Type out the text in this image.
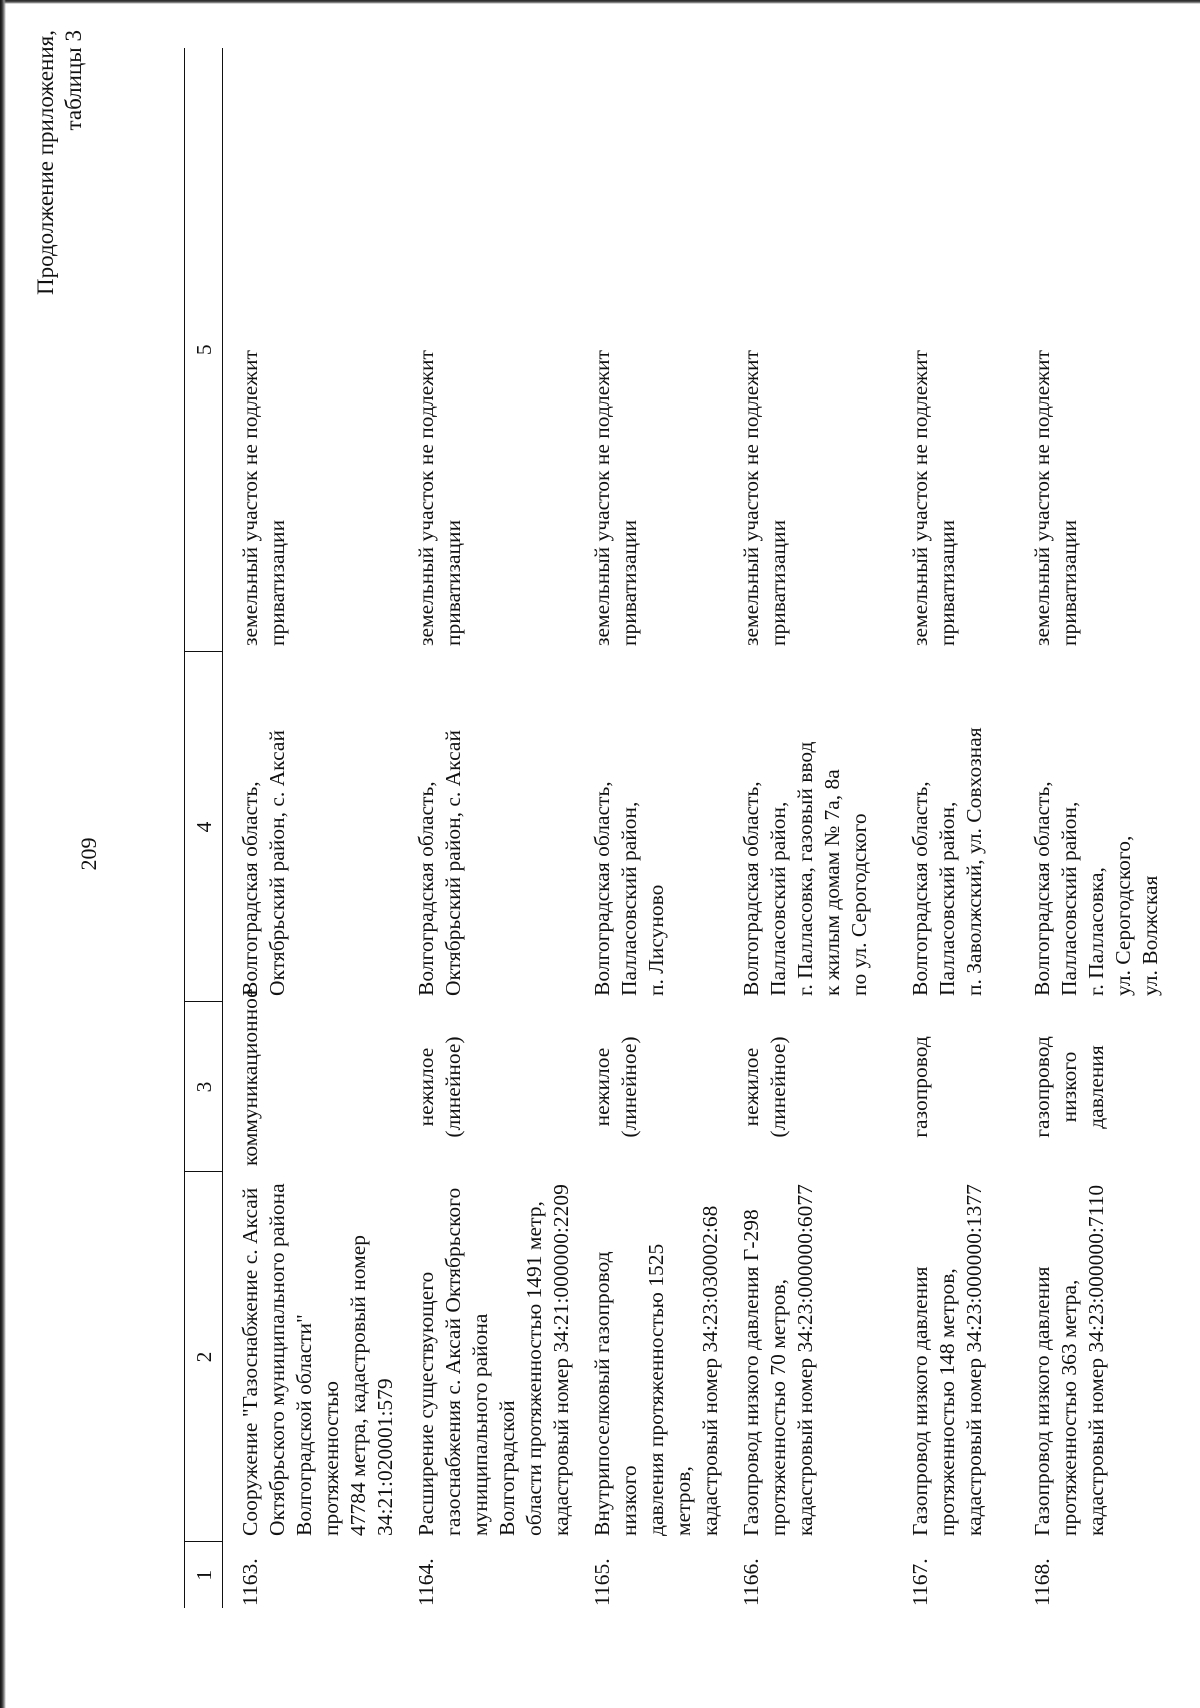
209
Продолжение приложения, таблицы 3
1	2	3	4	5
1163.	Сооружение "Газоснабжение с. Аксай
Октябрьского муниципального района
Волгоградской области" протяженностью
47784 метра, кадастровый номер
34:21:020001:579	коммуникационное	Волгоградская область,
Октябрьский район, с. Аксай	земельный участок не подлежит
приватизации
1164.	Расширение существующего
газоснабжения с. Аксай Октябрьского
муниципального района Волгоградской
области протяженностью 1491 метр,
кадастровый номер 34:21:000000:2209	нежилое (линейное)	Волгоградская область,
Октябрьский район, с. Аксай	земельный участок не подлежит
приватизации
1165.	Внутрипоселковый газопровод низкого
давления протяженностью 1525 метров,
кадастровый номер 34:23:030002:68	нежилое (линейное)	Волгоградская область,
Палласовский район,
п. Лисуново	земельный участок не подлежит
приватизации
1166.	Газопровод низкого давления Г-298
протяженностью 70 метров,
кадастровый номер 34:23:000000:6077	нежилое (линейное)	Волгоградская область,
Палласовский район,
г. Палласовка, газовый ввод
к жилым домам № 7а, 8а
по ул. Серогодского	земельный участок не подлежит
приватизации
1167.	Газопровод низкого давления
протяженностью 148 метров,
кадастровый номер 34:23:000000:1377	газопровод	Волгоградская область,
Палласовский район,
п. Заволжский, ул. Совхозная	земельный участок не подлежит
приватизации
1168.	Газопровод низкого давления
протяженностью 363 метра,
кадастровый номер 34:23:000000:7110	газопровод низкого
давления	Волгоградская область,
Палласовский район,
г. Палласовка,
ул. Серогодского,
ул. Волжская	земельный участок не подлежит
приватизации
